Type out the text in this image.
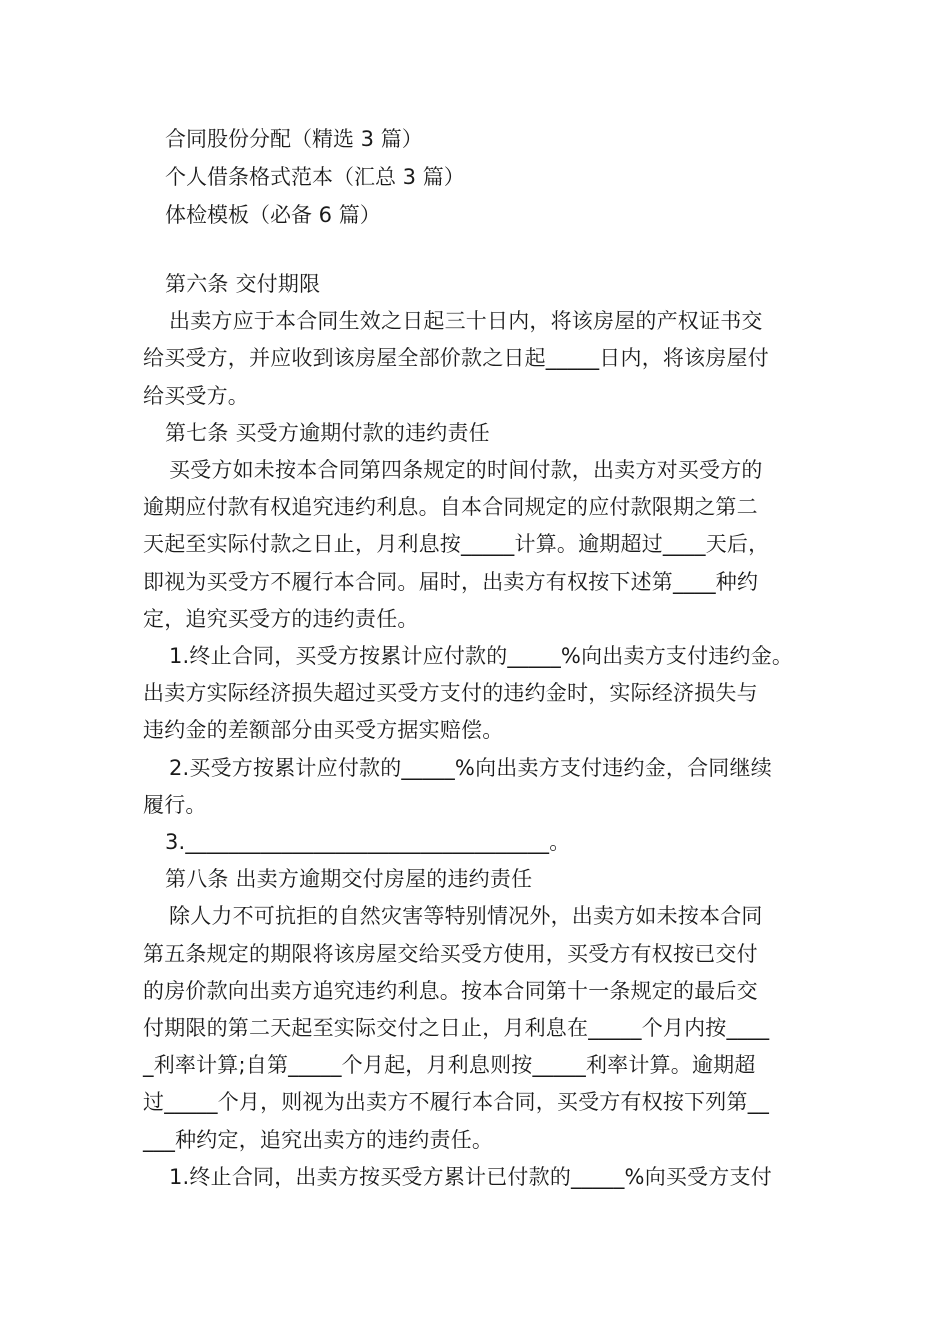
合同股份分配（精选 3 篇）
个人借条格式范本（汇总 3 篇）
体检模板（必备 6 篇）
第六条 交付期限
出卖方应于本合同生效之日起三十日内，将该房屋的产权证书交
给买受方，并应收到该房屋全部价款之日起_____日内，将该房屋付
给买受方。
第七条 买受方逾期付款的违约责任
买受方如未按本合同第四条规定的时间付款，出卖方对买受方的
逾期应付款有权追究违约利息。自本合同规定的应付款限期之第二
天起至实际付款之日止，月利息按_____计算。逾期超过____天后，
即视为买受方不履行本合同。届时，出卖方有权按下述第____种约
定，追究买受方的违约责任。
1.终止合同，买受方按累计应付款的_____%向出卖方支付违约金。
出卖方实际经济损失超过买受方支付的违约金时，实际经济损失与
违约金的差额部分由买受方据实赔偿。
2.买受方按累计应付款的_____%向出卖方支付违约金，合同继续
履行。
3.__________________________________。
第八条 出卖方逾期交付房屋的违约责任
除人力不可抗拒的自然灾害等特别情况外，出卖方如未按本合同
第五条规定的期限将该房屋交给买受方使用，买受方有权按已交付
的房价款向出卖方追究违约利息。按本合同第十一条规定的最后交
付期限的第二天起至实际交付之日止，月利息在_____个月内按____
_利率计算;自第_____个月起，月利息则按_____利率计算。逾期超
过_____个月，则视为出卖方不履行本合同，买受方有权按下列第__
___种约定，追究出卖方的违约责任。
1.终止合同，出卖方按买受方累计已付款的_____%向买受方支付
